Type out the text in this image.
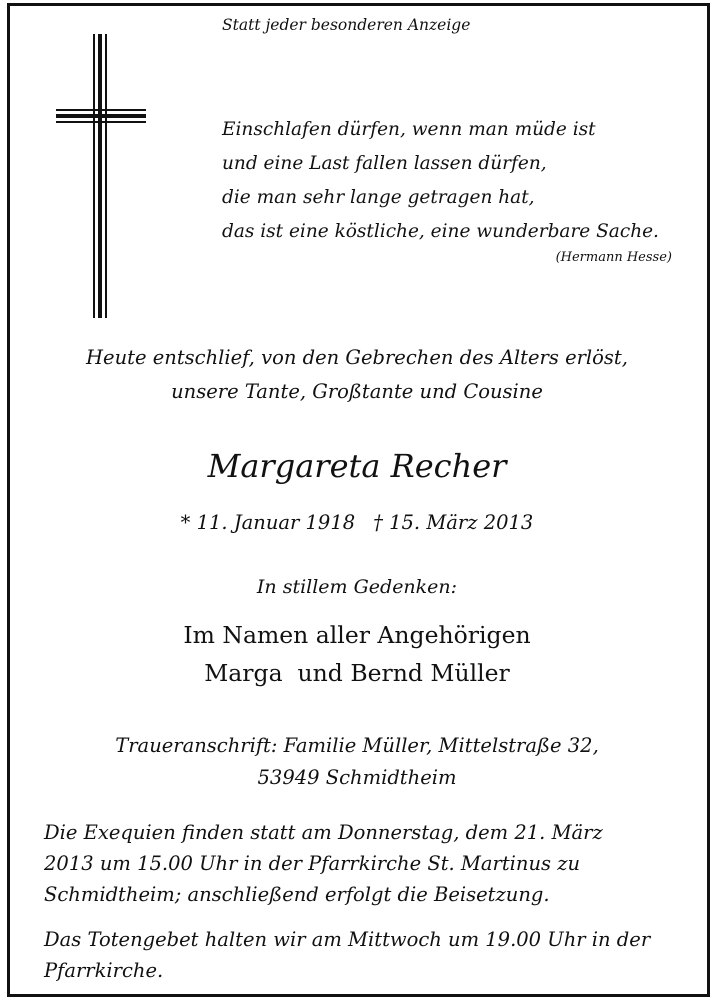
Statt jeder besonderen Anzeige
Einschlafen dürfen, wenn man müde ist
und eine Last fallen lassen dürfen,
die man sehr lange getragen hat,
das ist eine köstliche, eine wunderbare Sache.
(Hermann Hesse)
Heute entschlief, von den Gebrechen des Alters erlöst,
unsere Tante, Großtante und Cousine
Margareta Recher
* 11. Januar 1918 † 15. März 2013
In stillem Gedenken:
Im Namen aller Angehörigen
Marga  und Bernd Müller
Traueranschrift: Familie Müller, Mittelstraße 32,
53949 Schmidtheim
Die Exequien finden statt am Donnerstag, dem 21. März
2013 um 15.00 Uhr in der Pfarrkirche St. Martinus zu
Schmidtheim; anschließend erfolgt die Beisetzung.
Das Totengebet halten wir am Mittwoch um 19.00 Uhr in der
Pfarrkirche.
